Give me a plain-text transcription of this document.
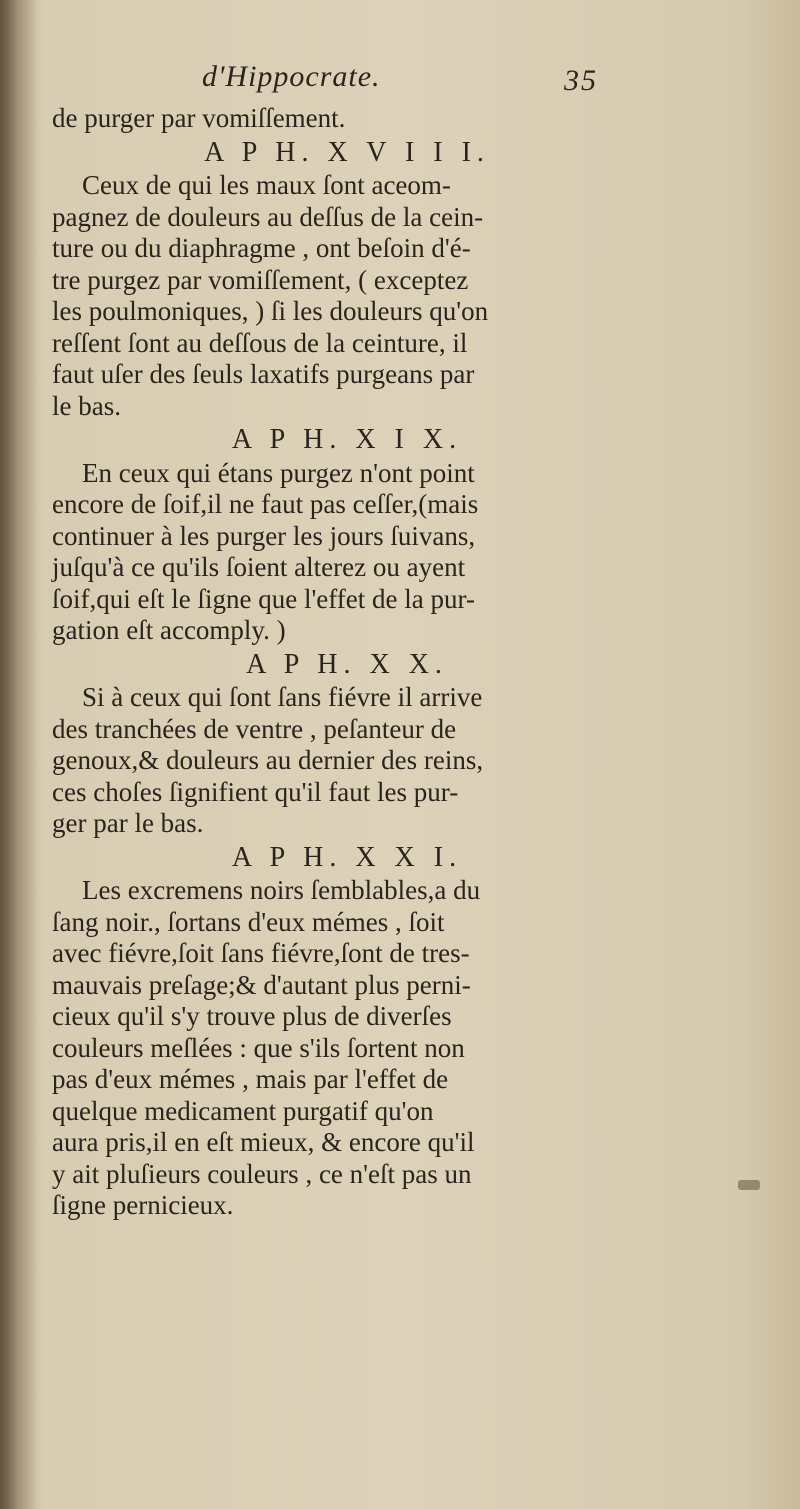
d'Hippocrate.	35
de purger par vomiſſement.
A P H. X V I I I.
Ceux de qui les maux ſont aceom-
pagnez de douleurs au deſſus de la cein-
ture ou du diaphragme , ont beſoin d'é-
tre purgez par vomiſſement, ( exceptez
les poulmoniques, ) ſi les douleurs qu'on
reſſent ſont au deſſous de la ceinture, il
faut uſer des ſeuls laxatifs purgeans par
le bas.
A P H. X I X.
En ceux qui étans purgez n'ont point
encore de ſoif,il ne faut pas ceſſer,(mais
continuer à les purger les jours ſuivans,
juſqu'à ce qu'ils ſoient alterez ou ayent
ſoif,qui eſt le ſigne que l'effet de la pur-
gation eſt accomply. )
A P H. X X.
Si à ceux qui ſont ſans fiévre il arrive
des tranchées de ventre , peſanteur de
genoux,& douleurs au dernier des reins,
ces choſes ſignifient qu'il faut les pur-
ger par le bas.
A P H. X X I.
Les excremens noirs ſemblables,a du
ſang noir., ſortans d'eux mémes , ſoit
avec fiévre,ſoit ſans fiévre,ſont de tres-
mauvais preſage;& d'autant plus perni-
cieux qu'il s'y trouve plus de diverſes
couleurs meſlées : que s'ils ſortent non
pas d'eux mémes , mais par l'effet de
quelque medicament purgatif qu'on
aura pris,il en eſt mieux, & encore qu'il
y ait pluſieurs couleurs , ce n'eſt pas un
ſigne pernicieux.
